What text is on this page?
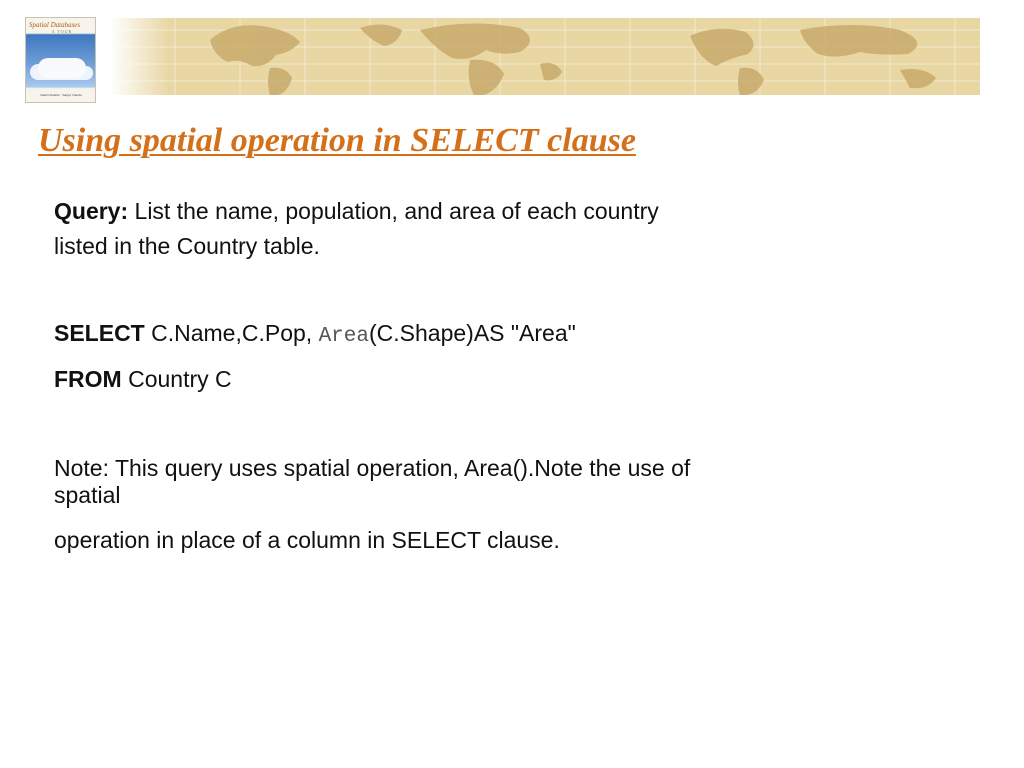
Spatial Databases
A TOUR
Shashi Shekhar · Sanjay Chawla
Using spatial operation in SELECT clause
Query: List the name, population, and area of each country
listed in the Country table.
SELECT C.Name,C.Pop, Area(C.Shape)AS "Area"
FROM Country C
Note: This query uses spatial operation, Area().Note the use of
spatial
operation in place of a column in SELECT clause.
